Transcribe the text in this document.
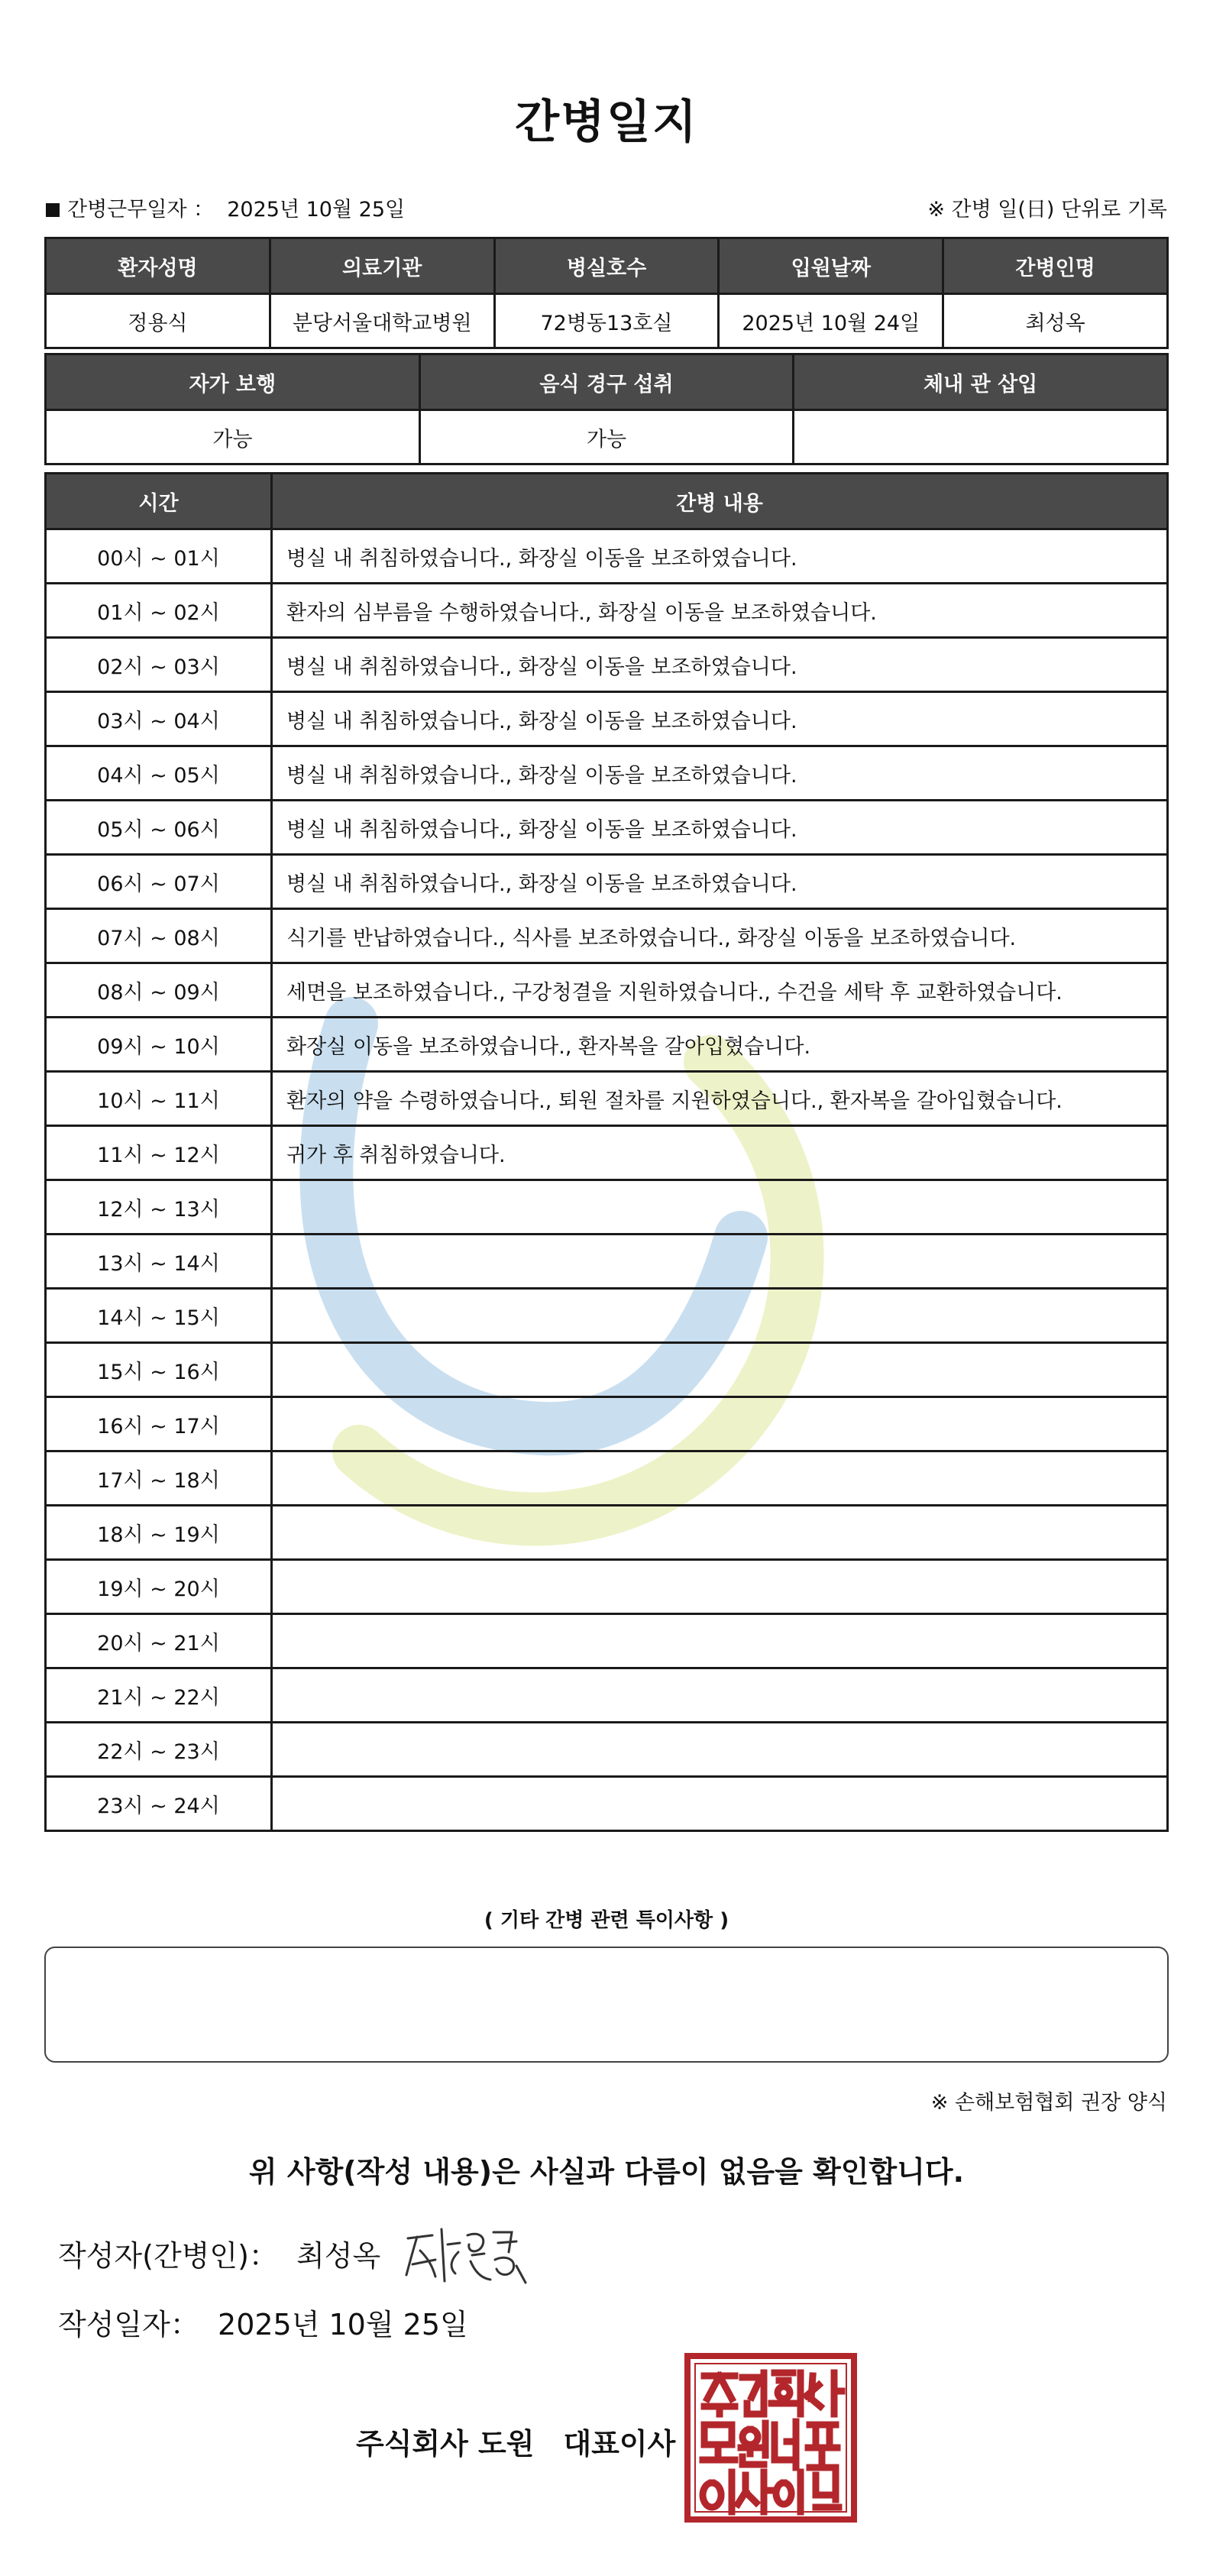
간병일지
간병근무일자 ： 2025년 10월 25일	※ 간병 일(日) 단위로 기록
환자성명	의료기관	병실호수	입원날짜	간병인명
정용식	분당서울대학교병원	72병동13호실	2025년 10월 24일	최성옥
자가 보행	음식 경구 섭취	체내 관 삽입
가능	가능	
시간	간병 내용
00시 ~ 01시	병실 내 취침하였습니다., 화장실 이동을 보조하였습니다.
01시 ~ 02시	환자의 심부름을 수행하였습니다., 화장실 이동을 보조하였습니다.
02시 ~ 03시	병실 내 취침하였습니다., 화장실 이동을 보조하였습니다.
03시 ~ 04시	병실 내 취침하였습니다., 화장실 이동을 보조하였습니다.
04시 ~ 05시	병실 내 취침하였습니다., 화장실 이동을 보조하였습니다.
05시 ~ 06시	병실 내 취침하였습니다., 화장실 이동을 보조하였습니다.
06시 ~ 07시	병실 내 취침하였습니다., 화장실 이동을 보조하였습니다.
07시 ~ 08시	식기를 반납하였습니다., 식사를 보조하였습니다., 화장실 이동을 보조하였습니다.
08시 ~ 09시	세면을 보조하였습니다., 구강청결을 지원하였습니다., 수건을 세탁 후 교환하였습니다.
09시 ~ 10시	화장실 이동을 보조하였습니다., 환자복을 갈아입혔습니다.
10시 ~ 11시	환자의 약을 수령하였습니다., 퇴원 절차를 지원하였습니다., 환자복을 갈아입혔습니다.
11시 ~ 12시	귀가 후 취침하였습니다.
12시 ~ 13시	
13시 ~ 14시	
14시 ~ 15시	
15시 ~ 16시	
16시 ~ 17시	
17시 ~ 18시	
18시 ~ 19시	
19시 ~ 20시	
20시 ~ 21시	
21시 ~ 22시	
22시 ~ 23시	
23시 ~ 24시	
( 기타 간병 관련 특이사항 )
※ 손해보험협회 권장 양식
위 사항(작성 내용)은 사실과 다름이 없음을 확인합니다.
작성자(간병인)： 최성옥
작성일자： 2025년 10월 25일
주식회사 도원　대표이사
